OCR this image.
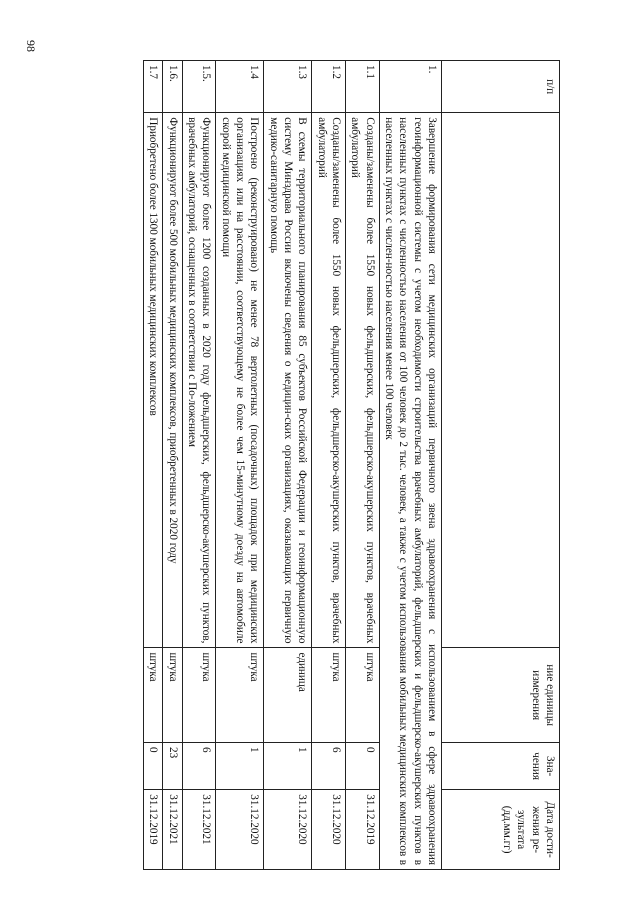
98
п/п		ние единицы измерения	Зна-чения	Дата дости-жения ре-зультата (дд.мм.гг)
1.	Завершение формирования сети медицинских организаций первичного звена здравоохранения с использованием в сфере здравоохранения геоинформационной системы с учетом необходимости строительства врачебных амбулаторий, фельдшерских и фельдшерско-акушерских пунктов в населенных пунктах с численностью населения от 100 человек до 2 тыс. человек, а также с учетом использования мобильных медицинских комплексов в населенных пунктах с числен-ностью населения менее 100 человек			
1.1	Созданы/заменены более 1550 новых фельдшерских, фельдшерско-акушерских пунктов, врачебных амбулаторий	штука	0	31.12.2019
1.2	Созданы/заменены более 1550 новых фельдшерских, фельдшерско-акушерских пунктов, врачебных амбулаторий	штука	6	31.12.2020
1.3	В схемы территориального планирования 85 субъектов Российской Федерации и геоинформационную систему Минздрава России включены сведения о медицин-ских организациях, оказывающих первичную медико-санитарную помощь	единица	1	31.12.2020
1.4	Построено (реконструировано) не менее 78 вертолетных (посадочных) площадок при медицинских организациях или на расстоянии, соответствующему не более чем 15-минутному доезду на автомобиле скорой медицинской помощи	штука	1	31.12.2020
1.5.	Функционируют более 1200 созданных в 2020 году фельдшерских, фельдшерско-акушерских пунктов, врачебных амбулаторий, оснащенных в соответствии с По-ложением	штука	6	31.12.2021
1.6.	Функционируют более 500 мобильных медицинских комплексов, приобретенных в 2020 году	штука	23	31.12.2021
1.7	Приобретено более 1300 мобильных медицинских комплексов	штука	0	31.12.2019
